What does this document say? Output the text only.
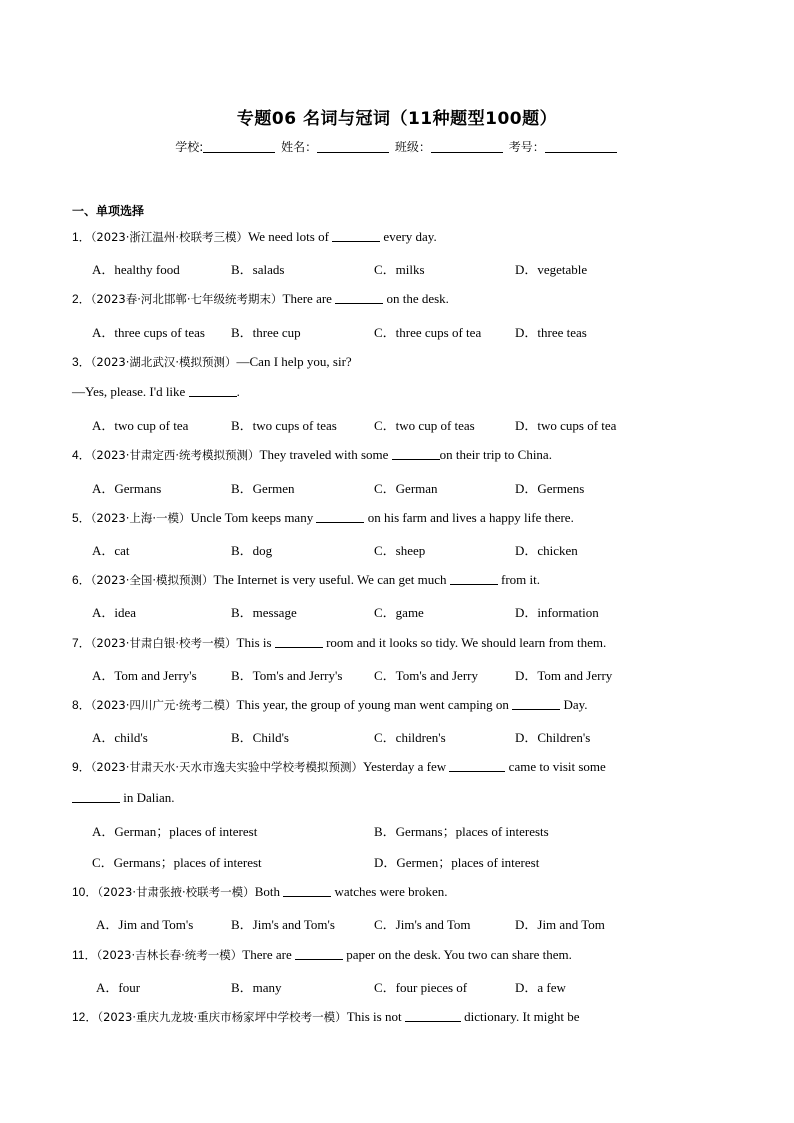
专题06 名词与冠词（11种题型100题）
学校:	姓名：	班级：	考号：
一、单项选择
1．（2023·浙江温州·校联考三模）We need lots of	every day.
A．healthy food	B．salads	C．milks	D．vegetable
2．（2023春·河北邯郸·七年级统考期末）There are	on the desk.
A．three cups of teas B．three cup	C．three cups of tea	D．three teas
3．（2023·湖北武汉·模拟预测）—Can I help you, sir?
—Yes, please. I'd like	.
A．two cup of tea	B．two cups of teas	C．two cup of teas	D．two cups of tea
4．（2023·甘肃定西·统考模拟预测）They traveled with some	on their trip to China.
A．Germans	B．Germen	C．German	D．Germens
5．（2023·上海·一模）Uncle Tom keeps many	on his farm and lives a happy life there.
A．cat	B．dog	C．sheep	D．chicken
6．（2023·全国·模拟预测）The Internet is very useful. We can get much	from it.
A．idea	B．message	C．game	D．information
7．（2023·甘肃白银·校考一模）This is	room and it looks so tidy. We should learn from them.
A．Tom and Jerry's	B．Tom's and Jerry's C．Tom's and Jerry	D．Tom and Jerry
8．（2023·四川广元·统考二模）This year, the group of young man went camping on	Day.
A．child's	B．Child's	C．children's	D．Children's
9．（2023·甘肃天水·天水市逸夫实验中学校考模拟预测）Yesterday a few	came to visit some
in Dalian.
A．German；places of interest	B．Germans；places of interests
C．Germans；places of interest	D．Germen；places of interest
10．（2023·甘肃张掖·校联考一模）Both	watches were broken.
A．Jim and Tom's	B．Jim's and Tom's	C．Jim's and Tom	D．Jim and Tom
11．（2023·吉林长春·统考一模）There are	paper on the desk. You two can share them.
A．four	B．many	C．four pieces of	D．a few
12．（2023·重庆九龙坡·重庆市杨家坪中学校考一模）This is not	dictionary. It might be
